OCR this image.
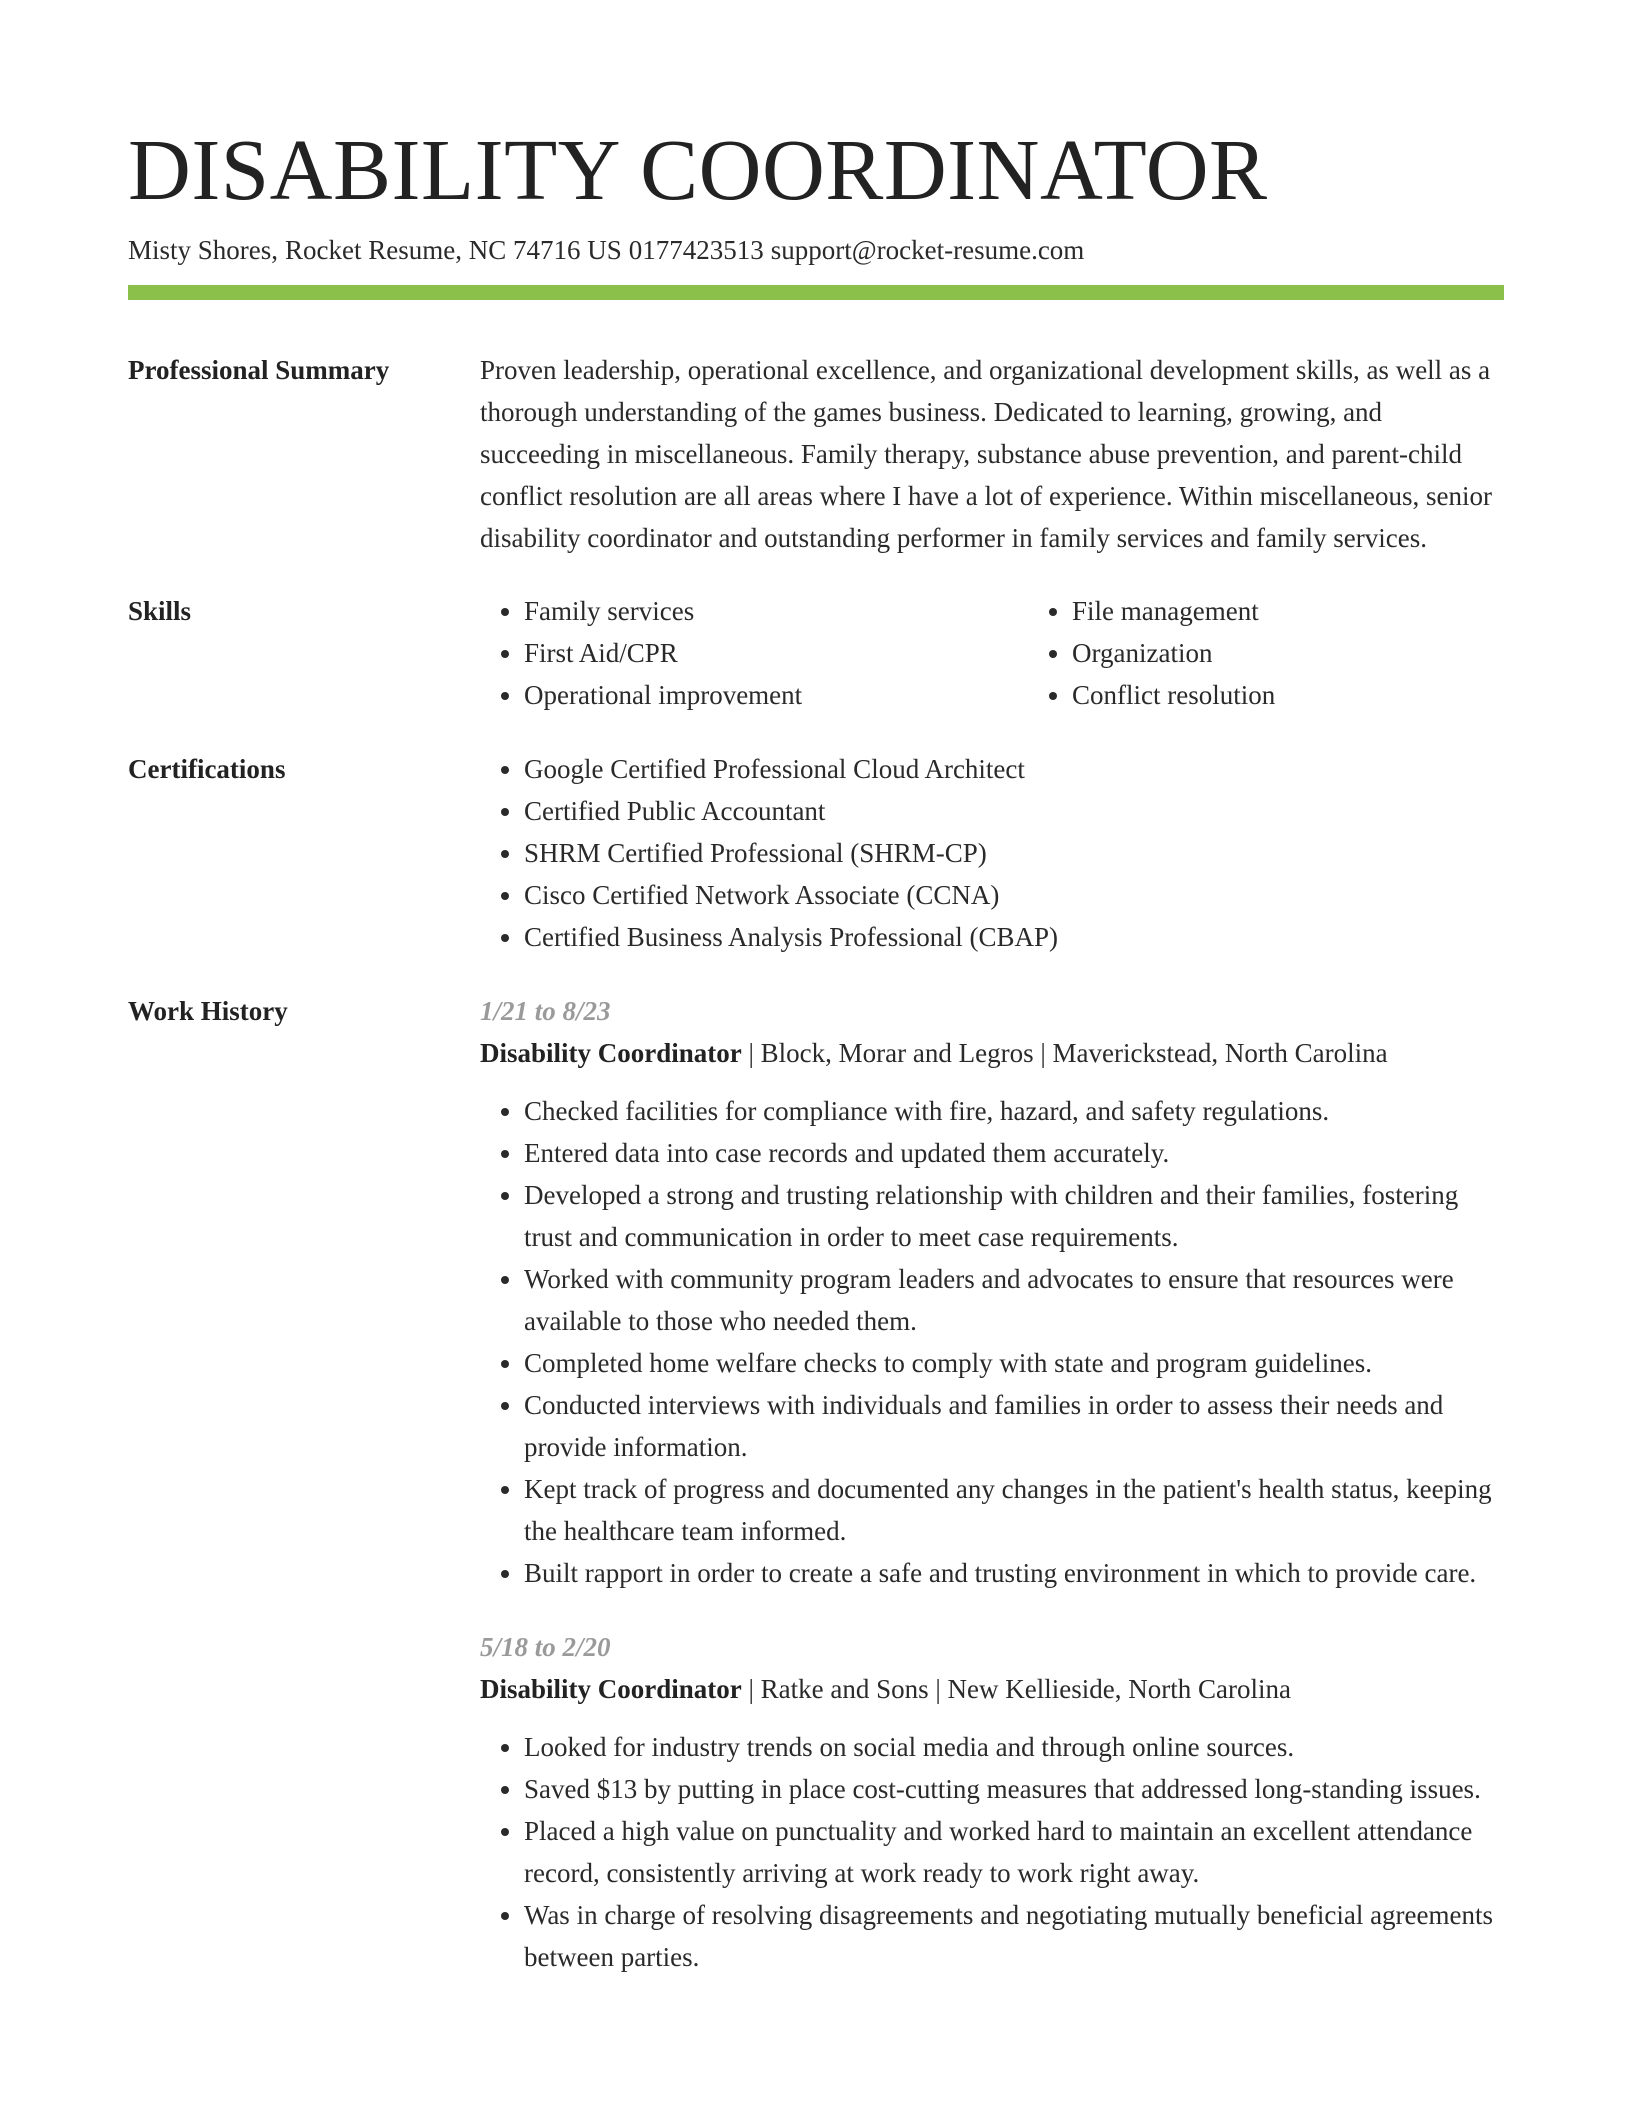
DISABILITY COORDINATOR
Misty Shores, Rocket Resume, NC 74716 US 0177423513 support@rocket-resume.com
Professional Summary	Proven leadership, operational excellence, and organizational development skills, as well as a thorough understanding of the games business. Dedicated to learning, growing, and succeeding in miscellaneous. Family therapy, substance abuse prevention, and parent-child conflict resolution are all areas where I have a lot of experience. Within miscellaneous, senior disability coordinator and outstanding performer in family services and family services.
Skills	• Family services
• First Aid/CPR
• Operational improvement
• File management
• Organization
• Conflict resolution
Certifications	• Google Certified Professional Cloud Architect
• Certified Public Accountant
• SHRM Certified Professional (SHRM-CP)
• Cisco Certified Network Associate (CCNA)
• Certified Business Analysis Professional (CBAP)
Work History	1/21 to 8/23
Disability Coordinator | Block, Morar and Legros | Maverickstead, North Carolina
• Checked facilities for compliance with fire, hazard, and safety regulations.
• Entered data into case records and updated them accurately.
• Developed a strong and trusting relationship with children and their families, fostering trust and communication in order to meet case requirements.
• Worked with community program leaders and advocates to ensure that resources were available to those who needed them.
• Completed home welfare checks to comply with state and program guidelines.
• Conducted interviews with individuals and families in order to assess their needs and provide information.
• Kept track of progress and documented any changes in the patient's health status, keeping the healthcare team informed.
• Built rapport in order to create a safe and trusting environment in which to provide care.
5/18 to 2/20
Disability Coordinator | Ratke and Sons | New Kellieside, North Carolina
• Looked for industry trends on social media and through online sources.
• Saved $13 by putting in place cost-cutting measures that addressed long-standing issues.
• Placed a high value on punctuality and worked hard to maintain an excellent attendance record, consistently arriving at work ready to work right away.
• Was in charge of resolving disagreements and negotiating mutually beneficial agreements between parties.
